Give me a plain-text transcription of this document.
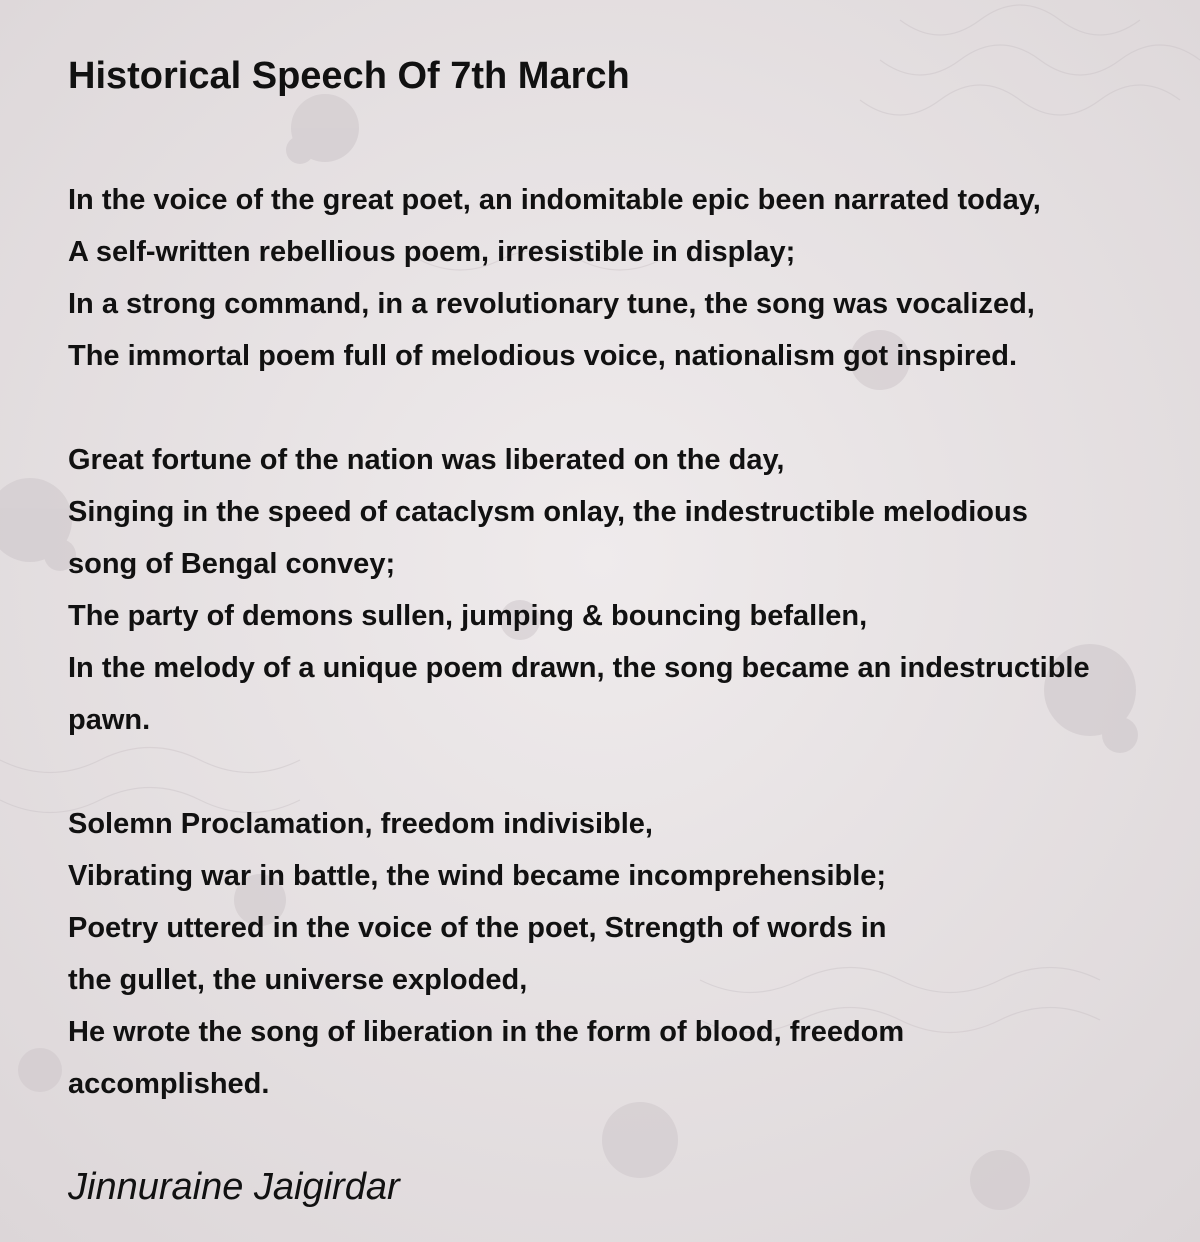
Historical Speech Of 7th March
In the voice of the great poet, an indomitable epic been narrated today,
A self-written rebellious poem, irresistible in display;
In a strong command, in a revolutionary tune, the song was vocalized,
The immortal poem full of melodious voice, nationalism got inspired.
Great fortune of the nation was liberated on the day,
Singing in the speed of cataclysm onlay, the indestructible melodious
song of Bengal convey;
The party of demons sullen, jumping & bouncing befallen,
In the melody of a unique poem drawn, the song became an indestructible
pawn.
Solemn Proclamation, freedom indivisible,
Vibrating war in battle, the wind became incomprehensible;
Poetry uttered in the voice of the poet, Strength of words in
the gullet, the universe exploded,
He wrote the song of liberation in the form of blood, freedom
accomplished.
Jinnuraine Jaigirdar
